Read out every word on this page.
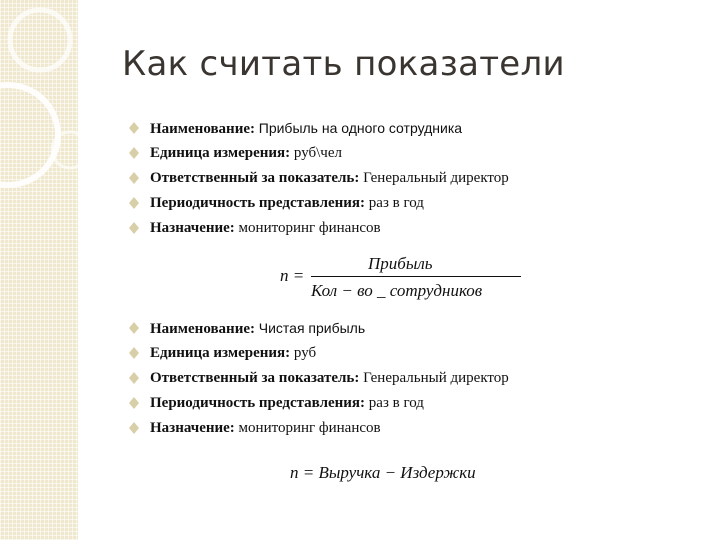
Как считать показатели
Наименование: Прибыль на одного сотрудника
Единица измерения: руб\чел
Ответственный за показатель: Генеральный директор
Периодичность представления: раз в год
Назначение: мониторинг финансов
n =
Прибыль
Кол − во _ сотрудников
Наименование: Чистая прибыль
Единица измерения: руб
Ответственный за показатель: Генеральный директор
Периодичность представления: раз в год
Назначение: мониторинг финансов
n = Выручка − Издержки
